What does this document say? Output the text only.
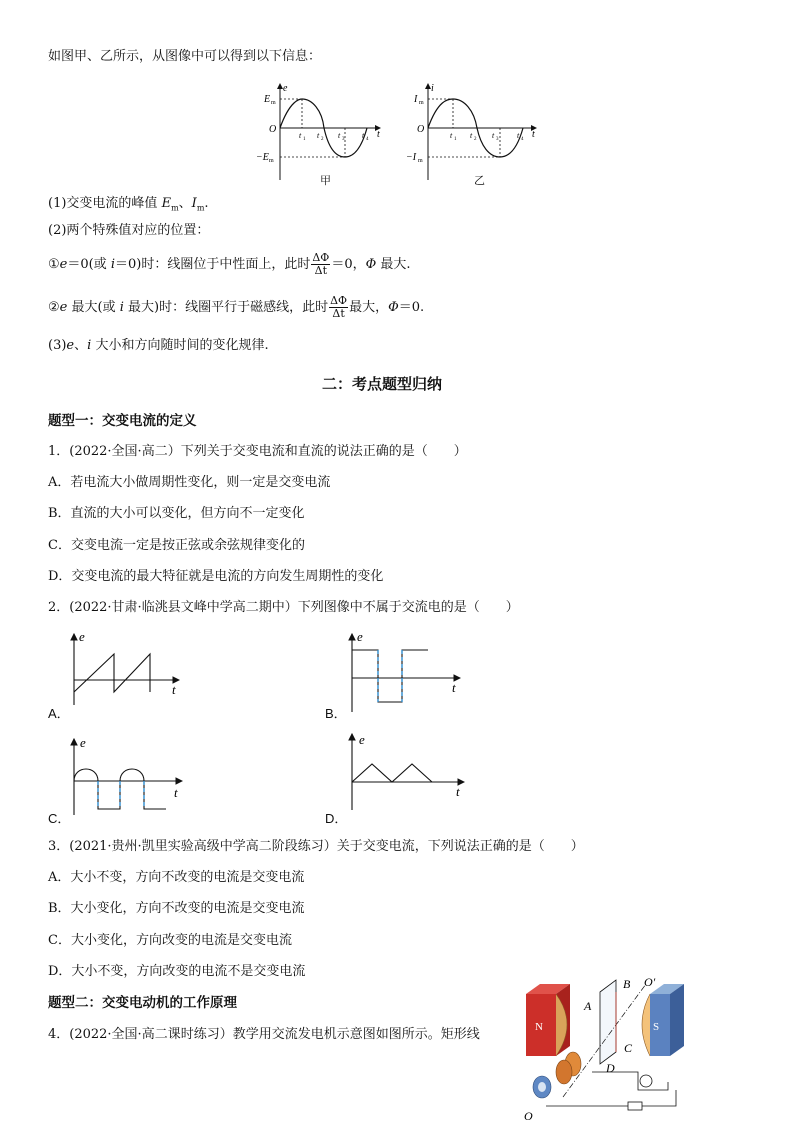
如图甲、乙所示，从图像中可以得到以下信息：
e
E m
−E m
O	t
t 1 t 2 t 3 t 4
甲
i
I m
−I m
O	t
t 1 t 2 t 3 t 4
乙
(1)交变电流的峰值 $E_m$、$I_m$.
(2)两个特殊值对应的位置：
①e＝0(或 i＝0)时：线圈位于中性面上，此时 $\frac{\Delta\Phi}{\Delta t} =0$，Φ 最大.
②e 最大(或 i 最大)时：线圈平行于磁感线，此时 $\frac{\Delta\Phi}{\Delta t}$ 最大，Φ＝0.
(3)e、i 大小和方向随时间的变化规律.
二：考点题型归纳
题型一：交变电流的定义
1．(2022·全国·高二）下列关于交变电流和直流的说法正确的是（　　）
A．若电流大小做周期性变化，则一定是交变电流
B．直流的大小可以变化，但方向不一定变化
C．交变电流一定是按正弦或余弦规律变化的
D．交变电流的最大特征就是电流的方向发生周期性的变化
2．(2022·甘肃·临洮县文峰中学高二期中）下列图像中不属于交流电的是（　　）
e
t
A．
e
t
B．
e
t
C．
e
t
D．
3．(2021·贵州·凯里实验高级中学高二阶段练习）关于交变电流，下列说法正确的是（　　）
A．大小不变，方向不改变的电流是交变电流
B．大小变化，方向不改变的电流是交变电流
C．大小变化，方向改变的电流是交变电流
D．大小不变，方向改变的电流不是交变电流
题型二：交变电动机的工作原理
4．(2022·全国·高二课时练习）教学用交流发电机示意图如图所示。矩形线	N	S
A
B
C
D
O′
O
